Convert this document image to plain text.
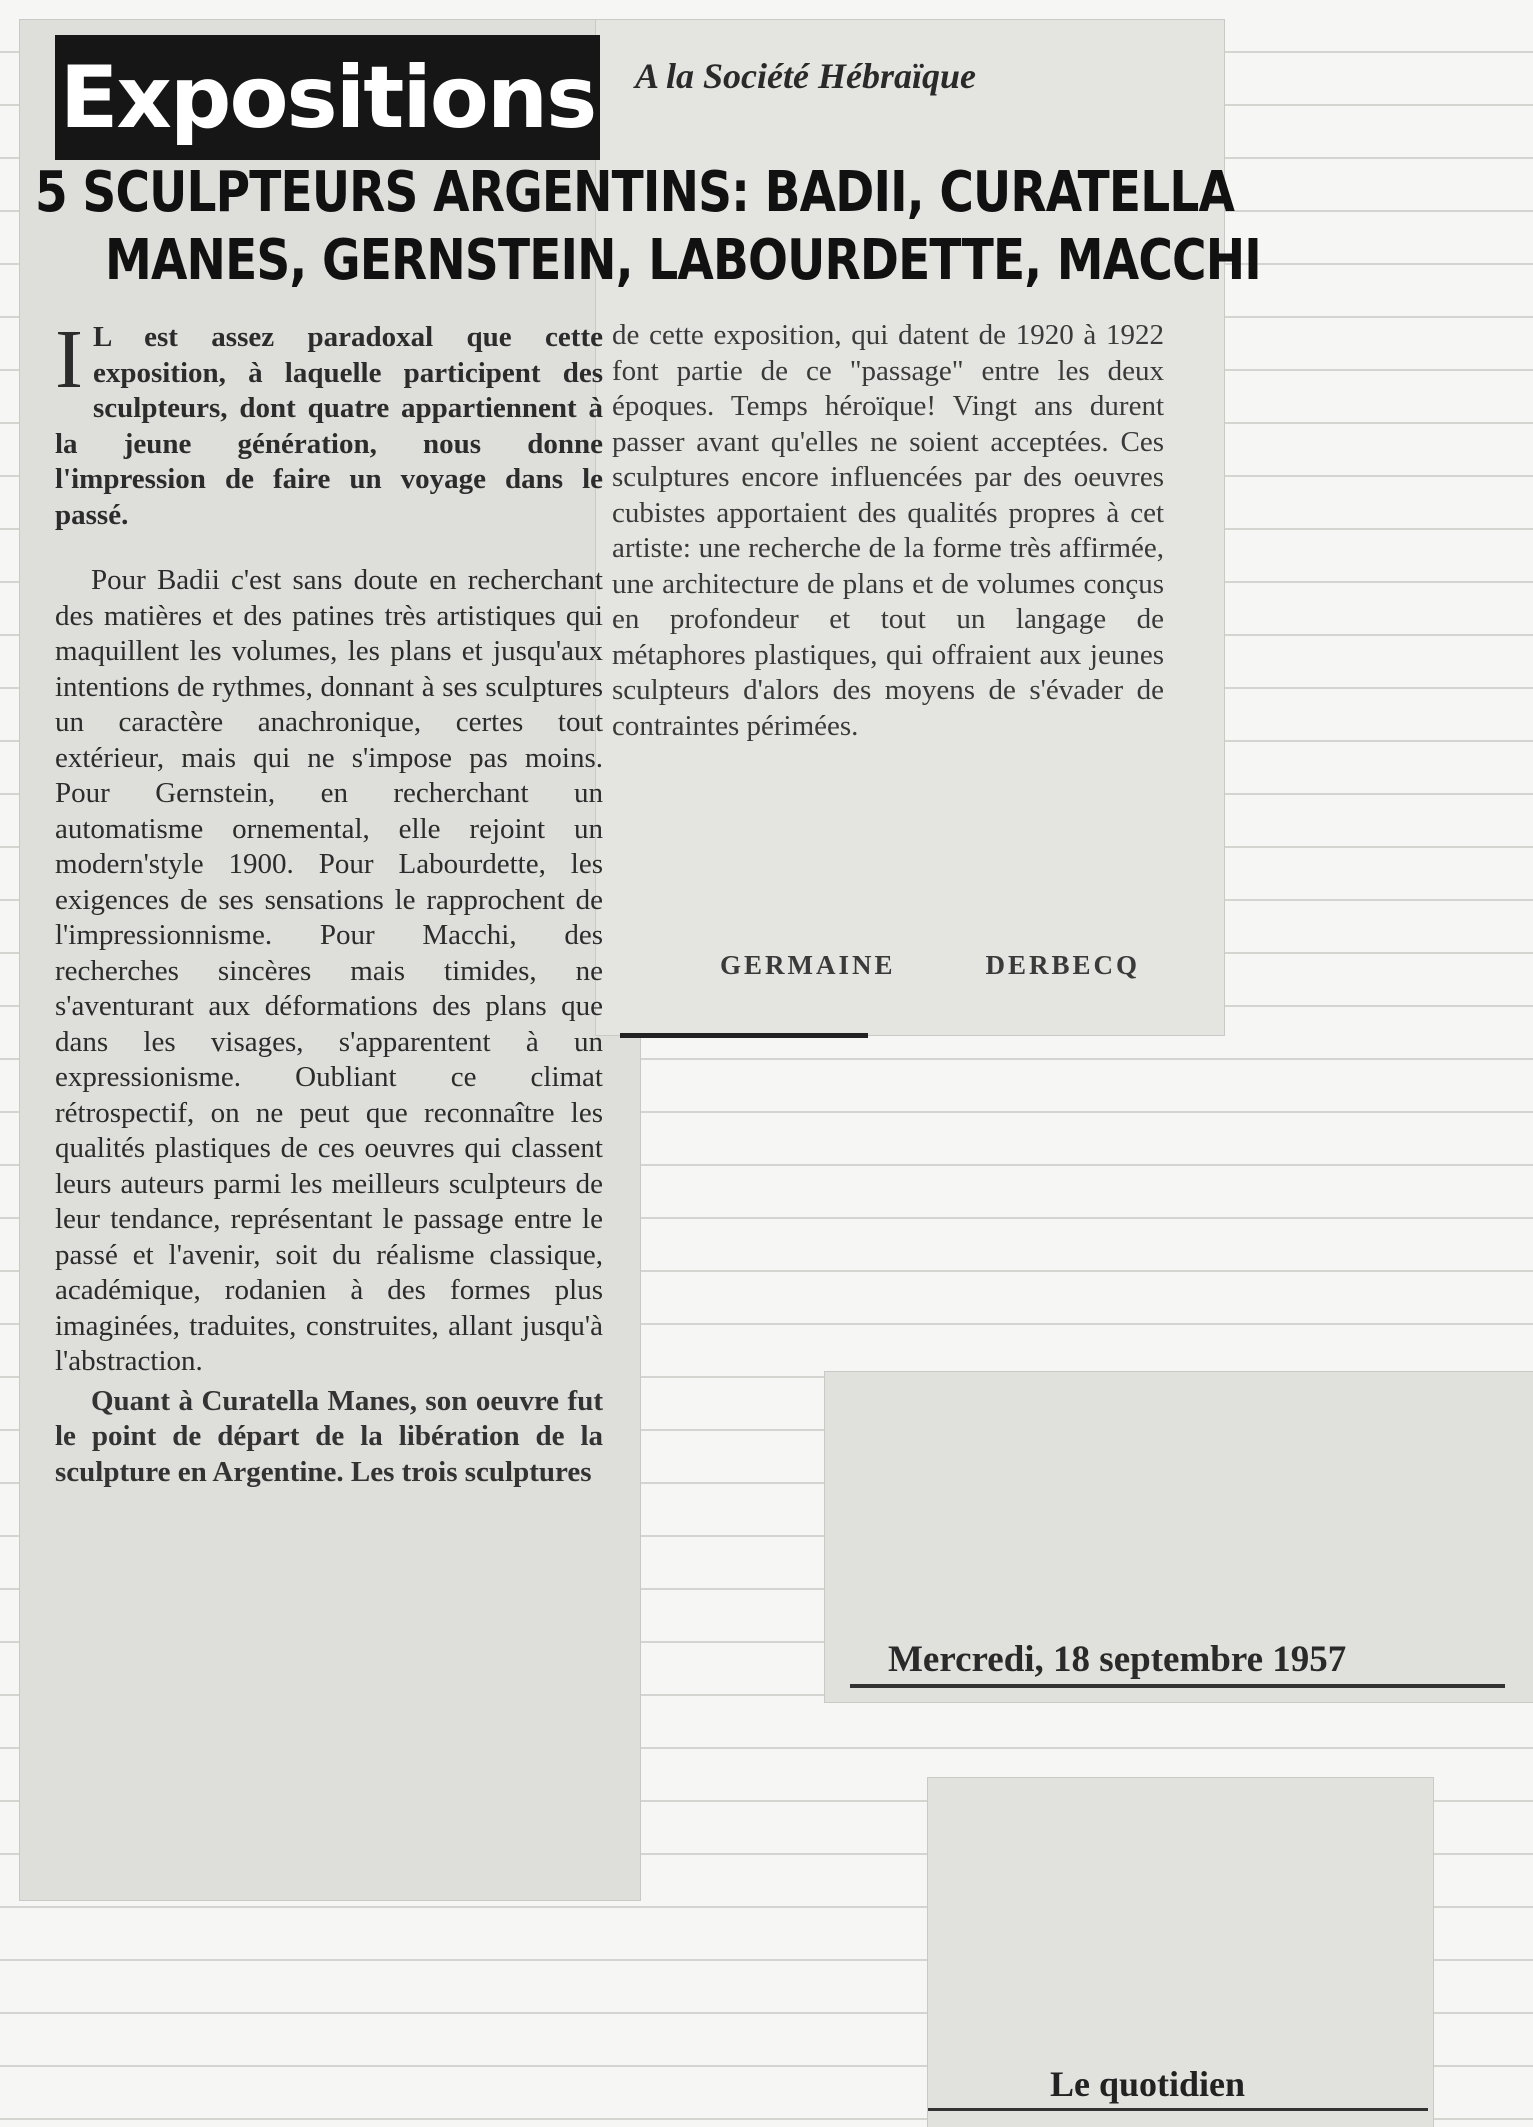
Expositions A la Société Hébraïque
5 SCULPTEURS ARGENTINS: BADII, CURATELLA
MANES, GERNSTEIN, LABOURDETTE, MACCHI

I L est assez paradoxal que cette exposition, à laquelle participent des sculpteurs, dont quatre appartiennent à la jeune génération, nous donne l'impression de faire un voyage dans le passé.

Pour Badii c'est sans doute en recherchant des matières et des patines très artistiques qui maquillent les volumes, les plans et jusqu'aux intentions de rythmes, donnant à ses sculptures un caractère anachronique, certes tout extérieur, mais qui ne s'impose pas moins. Pour Gernstein, en recherchant un automatisme ornemental, elle rejoint un modern'style 1900. Pour Labourdette, les exigences de ses sensations le rapprochent de l'impressionnisme. Pour Macchi, des recherches sincères mais timides, ne s'aventurant aux déformations des plans que dans les visages, s'apparentent à un expressionisme. Oubliant ce climat rétrospectif, on ne peut que reconnaître les qualités plastiques de ces oeuvres qui classent leurs auteurs parmi les meilleurs sculpteurs de leur tendance, représentant le passage entre le passé et l'avenir, soit du réalisme classique, académique, rodanien à des formes plus imaginées, traduites, construites, allant jusqu'à l'abstraction.

Quant à Curatella Manes, son oeuvre fut le point de départ de la libération de la sculpture en Argentine. Les trois sculptures

de cette exposition, qui datent de 1920 à 1922 font partie de ce "passage" entre les deux époques. Temps héroïque! Vingt ans durent passer avant qu'elles ne soient acceptées. Ces sculptures encore influencées par des oeuvres cubistes apportaient des qualités propres à cet artiste: une recherche de la forme très affirmée, une architecture de plans et de volumes conçus en profondeur et tout un langage de métaphores plastiques, qui offraient aux jeunes sculpteurs d'alors des moyens de s'évader de contraintes périmées.

GERMAINE	DERBECQ
Mercredi, 18 septembre 1957
Le quotidien
